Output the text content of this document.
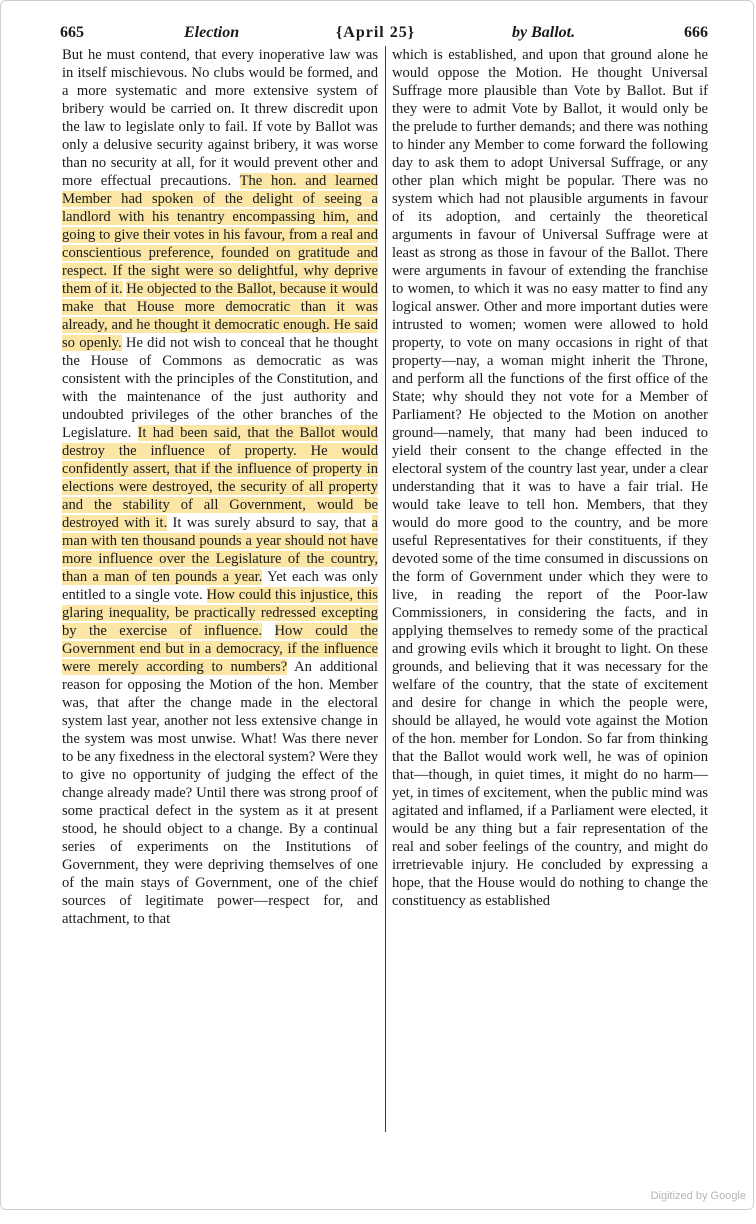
665	Election	{April 25}	by Ballot.	666
But he must contend, that every inoperative law was in itself mischievous. No clubs would be formed, and a more systematic and more extensive system of bribery would be carried on. It threw discredit upon the law to legislate only to fail. If vote by Ballot was only a delusive security against bribery, it was worse than no security at all, for it would prevent other and more effectual precautions. The hon. and learned Member had spoken of the delight of seeing a landlord with his tenantry encompassing him, and going to give their votes in his favour, from a real and conscientious preference, founded on gratitude and respect. If the sight were so delightful, why deprive them of it. He objected to the Ballot, because it would make that House more democratic than it was already, and he thought it democratic enough. He said so openly. He did not wish to conceal that he thought the House of Commons as democratic as was consistent with the principles of the Constitution, and with the maintenance of the just authority and undoubted privileges of the other branches of the Legislature. It had been said, that the Ballot would destroy the influence of property. He would confidently assert, that if the influence of property in elections were destroyed, the security of all property and the stability of all Government, would be destroyed with it. It was surely absurd to say, that a man with ten thousand pounds a year should not have more influence over the Legislature of the country, than a man of ten pounds a year. Yet each was only entitled to a single vote. How could this injustice, this glaring inequality, be practically redressed excepting by the exercise of influence. How could the Government end but in a democracy, if the influence were merely according to numbers? An additional reason for opposing the Motion of the hon. Member was, that after the change made in the electoral system last year, another not less extensive change in the system was most unwise. What! Was there never to be any fixedness in the electoral system? Were they to give no opportunity of judging the effect of the change already made? Until there was strong proof of some practical defect in the system as it at present stood, he should object to a change. By a continual series of experiments on the Institutions of Government, they were depriving themselves of one of the main stays of Government, one of the chief sources of legitimate power—respect for, and attachment, to that
which is established, and upon that ground alone he would oppose the Motion. He thought Universal Suffrage more plausible than Vote by Ballot. But if they were to admit Vote by Ballot, it would only be the prelude to further demands; and there was nothing to hinder any Member to come forward the following day to ask them to adopt Universal Suffrage, or any other plan which might be popular. There was no system which had not plausible arguments in favour of its adoption, and certainly the theoretical arguments in favour of Universal Suffrage were at least as strong as those in favour of the Ballot. There were arguments in favour of extending the franchise to women, to which it was no easy matter to find any logical answer. Other and more important duties were intrusted to women; women were allowed to hold property, to vote on many occasions in right of that property—nay, a woman might inherit the Throne, and perform all the functions of the first office of the State; why should they not vote for a Member of Parliament? He objected to the Motion on another ground—namely, that many had been induced to yield their consent to the change effected in the electoral system of the country last year, under a clear understanding that it was to have a fair trial. He would take leave to tell hon. Members, that they would do more good to the country, and be more useful Representatives for their constituents, if they devoted some of the time consumed in discussions on the form of Government under which they were to live, in reading the report of the Poor-law Commissioners, in considering the facts, and in applying themselves to remedy some of the practical and growing evils which it brought to light. On these grounds, and believing that it was necessary for the welfare of the country, that the state of excitement and desire for change in which the people were, should be allayed, he would vote against the Motion of the hon. member for London. So far from thinking that the Ballot would work well, he was of opinion that—though, in quiet times, it might do no harm—yet, in times of excitement, when the public mind was agitated and inflamed, if a Parliament were elected, it would be any thing but a fair representation of the real and sober feelings of the country, and might do irretrievable injury. He concluded by expressing a hope, that the House would do nothing to change the constituency as established
Digitized by Google
